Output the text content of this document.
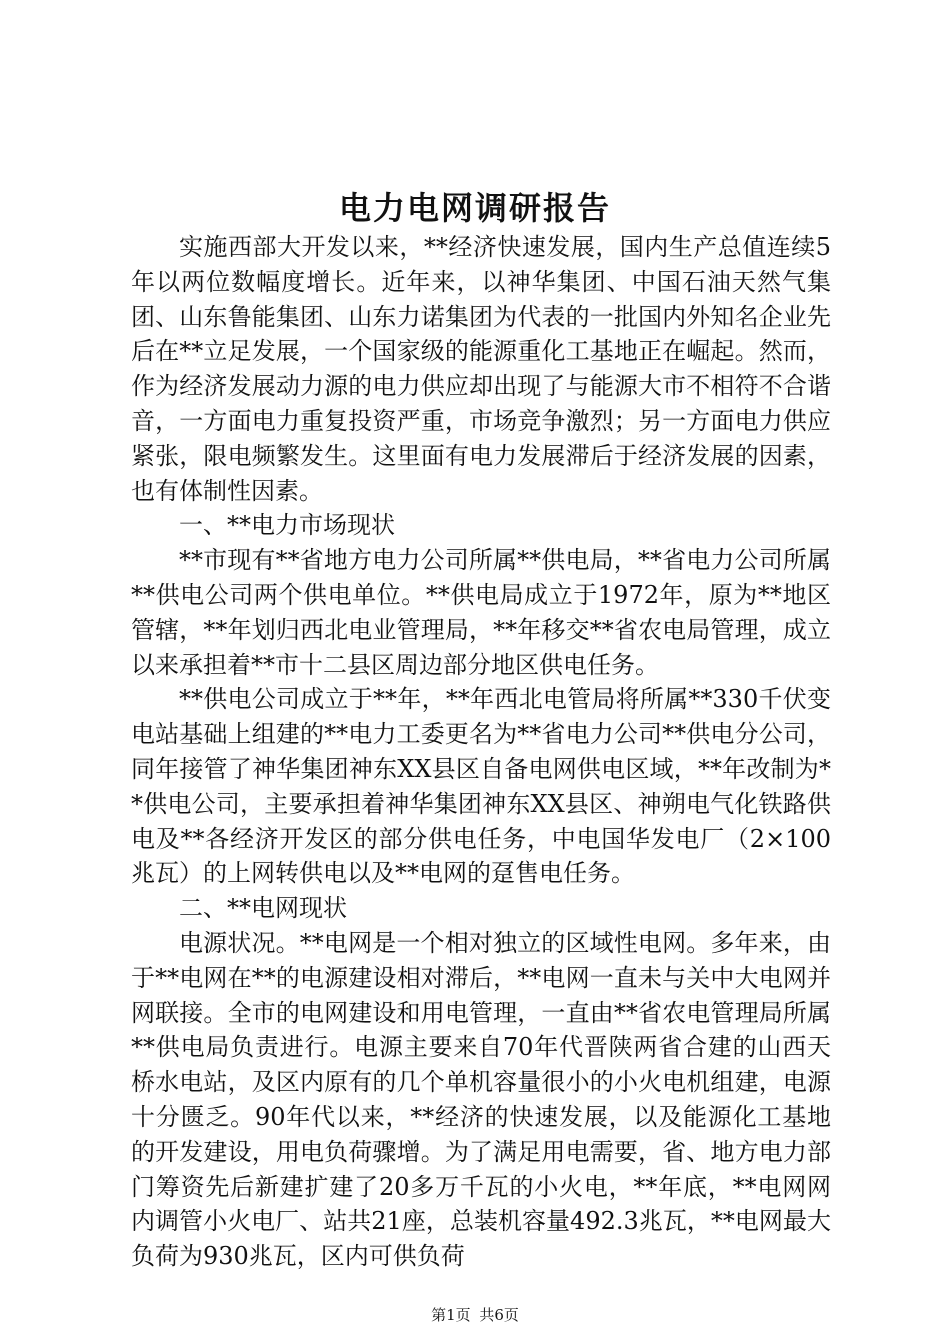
电力电网调研报告

实施西部大开发以来，**经济快速发展，国内生产总值连续5年以两位数幅度增长。近年来，以神华集团、中国石油天然气集团、山东鲁能集团、山东力诺集团为代表的一批国内外知名企业先后在**立足发展，一个国家级的能源重化工基地正在崛起。然而，作为经济发展动力源的电力供应却出现了与能源大市不相符不合谐音，一方面电力重复投资严重，市场竞争激烈；另一方面电力供应紧张，限电频繁发生。这里面有电力发展滞后于经济发展的因素，也有体制性因素。

一、**电力市场现状

**市现有**省地方电力公司所属**供电局，**省电力公司所属**供电公司两个供电单位。**供电局成立于1972年，原为**地区管辖，**年划归西北电业管理局，**年移交**省农电局管理，成立以来承担着**市十二县区周边部分地区供电任务。

**供电公司成立于**年，**年西北电管局将所属**330千伏变电站基础上组建的**电力工委更名为**省电力公司**供电分公司，同年接管了神华集团神东XX县区自备电网供电区域，**年改制为**供电公司，主要承担着神华集团神东XX县区、神朔电气化铁路供电及**各经济开发区的部分供电任务，中电国华发电厂（2×100兆瓦）的上网转供电以及**电网的趸售电任务。

二、**电网现状

电源状况。**电网是一个相对独立的区域性电网。多年来，由于**电网在**的电源建设相对滞后，**电网一直未与关中大电网并网联接。全市的电网建设和用电管理，一直由**省农电管理局所属**供电局负责进行。电源主要来自70年代晋陕两省合建的山西天桥水电站，及区内原有的几个单机容量很小的小火电机组建，电源十分匮乏。90年代以来，**经济的快速发展，以及能源化工基地的开发建设，用电负荷骤增。为了满足用电需要，省、地方电力部门筹资先后新建扩建了20多万千瓦的小火电，**年底，**电网网内调管小火电厂、站共21座，总装机容量492.3兆瓦，**电网最大负荷为930兆瓦，区内可供负荷

第1页 共6页
